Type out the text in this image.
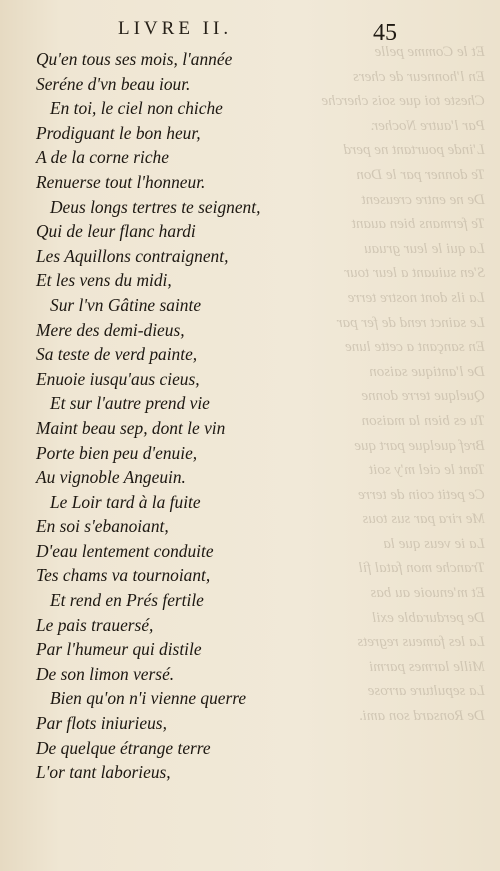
Et le Comme pelle
En l'honneur de chers
Cheste toi que sois cherche
Par l'autre Nocher.
L'inde pourtant ne perd
Te donner par le Don
De ne entre creusent
Te fermans bien auant
La qui le leur gruau
S'en suiuant a leur tour
La ils dont nostre terre
Le sainct rend de fer par
En sançant a cette lune
De l'antique saison
Quelque terre donne
Tu es bien la maison
Bref quelque part que
Tant le ciel m'y soit
Ce petit coin de terre
Me rira par sus tous
La ie veus que la
Tranche mon fatal fil
Et m'enuoie au bas
De perdurable exil
La les fameus regrets
Mille larmes parmi
La sepulture arrose
De Ronsard son ami.
LIVRE II.	45
Qu'en tous ses mois, l'année
Seréne d'vn beau iour.
En toi, le ciel non chiche
Prodiguant le bon heur,
A de la corne riche
Renuerse tout l'honneur.
Deus longs tertres te seignent,
Qui de leur flanc hardi
Les Aquillons contraignent,
Et les vens du midi,
Sur l'vn Gâtine sainte
Mere des demi-dieus,
Sa teste de verd painte,
Enuoie iusqu'aus cieus,
Et sur l'autre prend vie
Maint beau sep, dont le vin
Porte bien peu d'enuie,
Au vignoble Angeuin.
Le Loir tard à la fuite
En soi s'ebanoiant,
D'eau lentement conduite
Tes chams va tournoiant,
Et rend en Prés fertile
Le pais trauersé,
Par l'humeur qui distile
De son limon versé.
Bien qu'on n'i vienne querre
Par flots iniurieus,
De quelque étrange terre
L'or tant laborieus,
